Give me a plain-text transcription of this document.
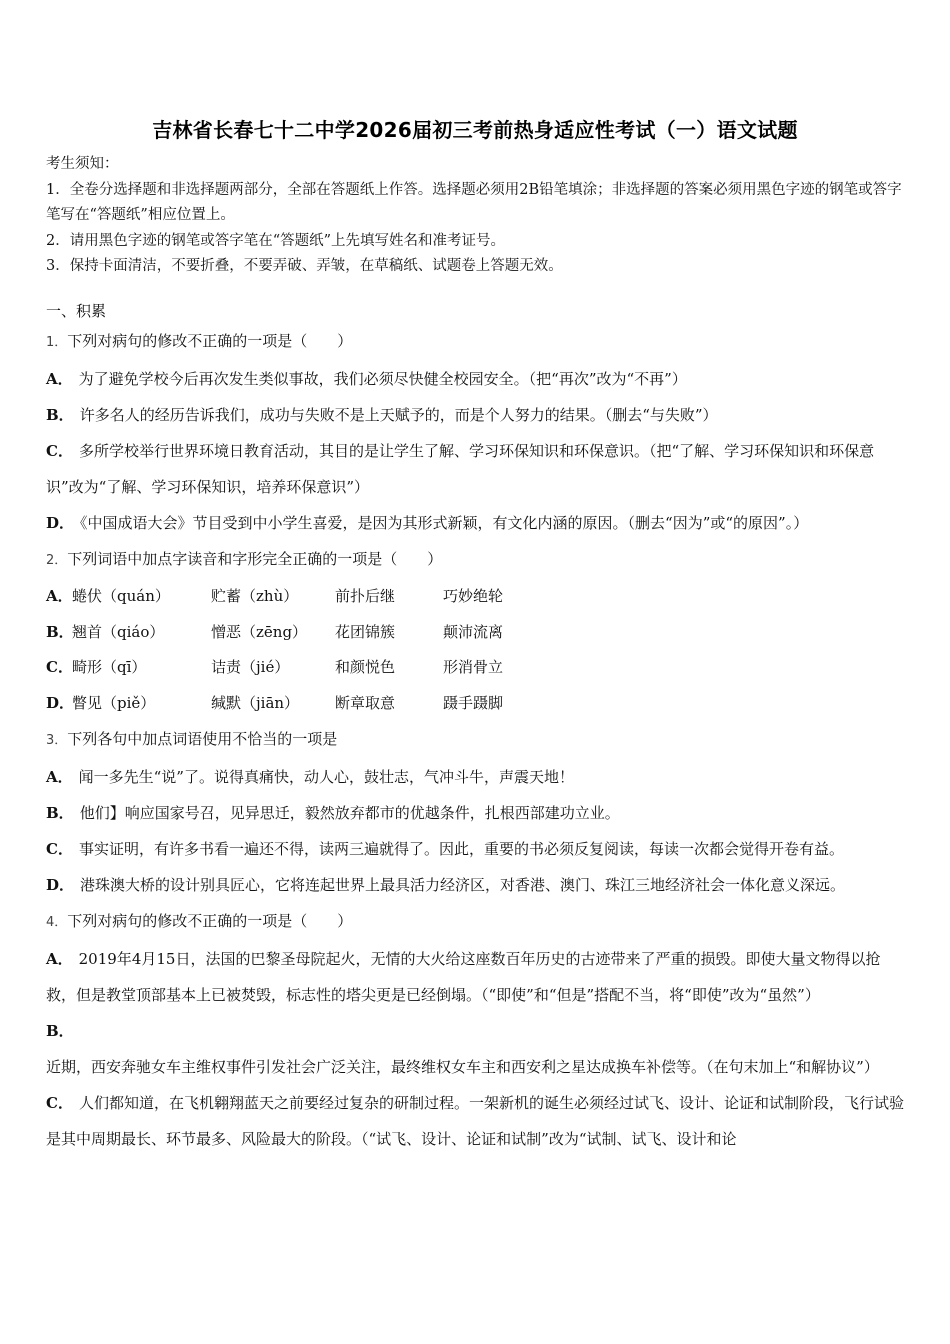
吉林省长春七十二中学2026届初三考前热身适应性考试（一）语文试题

考生须知：

1．全卷分选择题和非选择题两部分，全部在答题纸上作答。选择题必须用2B铅笔填涂；非选择题的答案必须用黑色字迹的钢笔或答字笔写在“答题纸”相应位置上。

2．请用黑色字迹的钢笔或答字笔在“答题纸”上先填写姓名和准考证号。

3．保持卡面清洁，不要折叠，不要弄破、弄皱，在草稿纸、试题卷上答题无效。

一、积累

1．下列对病句的修改不正确的一项是（　　）

A． 为了避免学校今后再次发生类似事故，我们必须尽快健全校园安全。（把“再次”改为“不再”）

B． 许多名人的经历告诉我们，成功与失败不是上天赋予的，而是个人努力的结果。（删去“与失败”）

C． 多所学校举行世界环境日教育活动，其目的是让学生了解、学习环保知识和环保意识。（把“了解、学习环保知识和环保意识”改为“了解、学习环保知识，培养环保意识”）

D． 《中国成语大会》节目受到中小学生喜爱，是因为其形式新颖，有文化内涵的原因。（删去“因为”或“的原因”。）

2．下列词语中加点字读音和字形完全正确的一项是（　　）

A． 蜷伏（quán）	贮蓄（zhù）	前扑后继	巧妙绝轮

B．
翘首（qiáo）	憎恶（zēng）	花团锦簇	颠沛流离

C． 畸形（qī）	诘责（jié）	和颜悦色	形消骨立

D．
瞥见（piě）	缄默（jiān）	断章取意	蹑手蹑脚

3．下列各句中加点词语使用不恰当的一项是

A． 闻一多先生“说”了。说得真痛快，动人心，鼓壮志，气冲斗牛，声震天地！

B． 他们】响应国家号召，见异思迁，毅然放弃都市的优越条件，扎根西部建功立业。

C． 事实证明，有许多书看一遍还不得，读两三遍就得了。因此，重要的书必须反复阅读，每读一次都会觉得开卷有益。

D． 港珠澳大桥的设计别具匠心，它将连起世界上最具活力经济区，对香港、澳门、珠江三地经济社会一体化意义深远。

4．下列对病句的修改不正确的一项是（　　）

A． 2019年4月15日，法国的巴黎圣母院起火，无情的大火给这座数百年历史的古迹带来了严重的损毁。即使大量文物得以抢救，但是教堂顶部基本上已被焚毁，标志性的塔尖更是已经倒塌。（“即使”和“但是”搭配不当，将“即使”改为“虽然”）

B．近期，西安奔驰女车主维权事件引发社会广泛关注，最终维权女车主和西安利之星达成换车补偿等。（在句末加上“和解协议”）

C． 人们都知道，在飞机翱翔蓝天之前要经过复杂的研制过程。一架新机的诞生必须经过试飞、设计、论证和试制阶段，飞行试验是其中周期最长、环节最多、风险最大的阶段。（“试飞、设计、论证和试制”改为“试制、试飞、设计和论
